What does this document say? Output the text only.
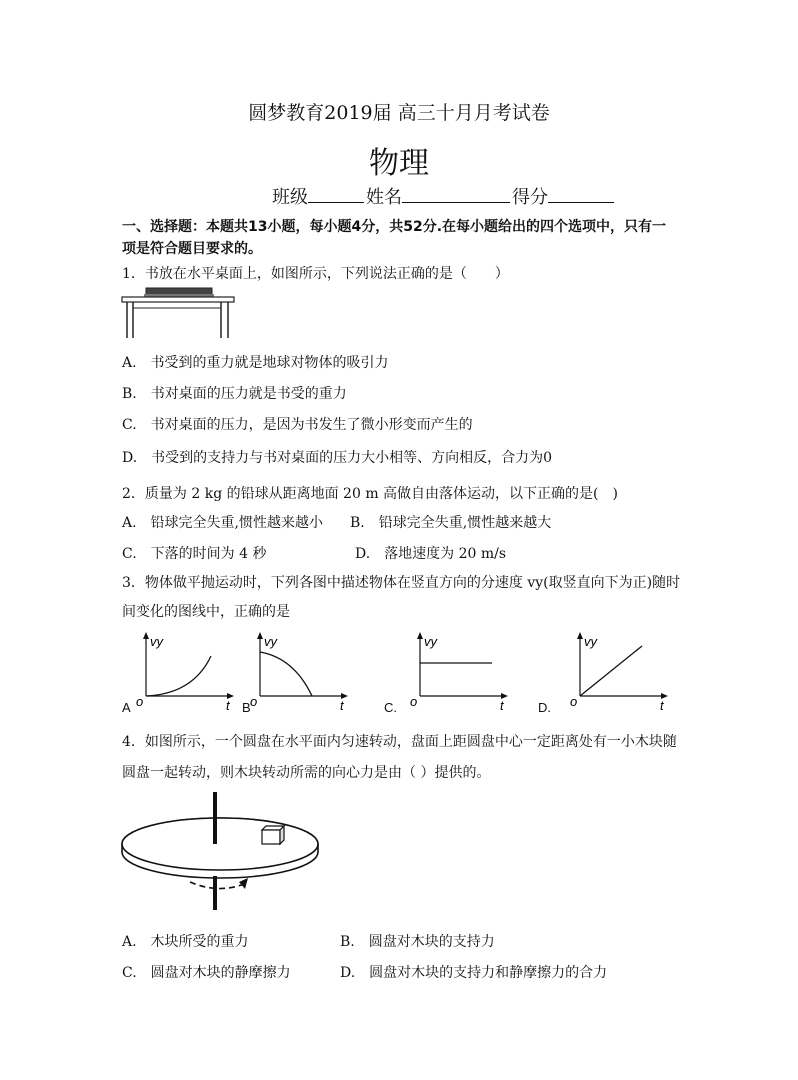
圆梦教育2019届 高三十月月考试卷
物理
班级	姓名	得分
一、选择题：本题共13小题，每小题4分，共52分.在每小题给出的四个选项中，只有一
项是符合题目要求的。
1．书放在水平桌面上，如图所示，下列说法正确的是（　　）
A.　书受到的重力就是地球对物体的吸引力
B.　书对桌面的压力就是书受的重力
C.　书对桌面的压力，是因为书发生了微小形变而产生的
D.　书受到的支持力与书对桌面的压力大小相等、方向相反，合力为0
2．质量为 2 kg 的铅球从距离地面 20 m 高做自由落体运动，以下正确的是(　)
A.　铅球完全失重,惯性越来越小 B.　铅球完全失重,惯性越来越大
C.　下落的时间为 4 秒	D.　落地速度为 20 m/s
3．物体做平抛运动时，下列各图中描述物体在竖直方向的分速度 vy(取竖直向下为正)随时
间变化的图线中，正确的是
vy
t
o
A
vy
t
o
B
vy
t
o
C.
vy
t
o
D.
4．如图所示，一个圆盘在水平面内匀速转动，盘面上距圆盘中心一定距离处有一小木块随
圆盘一起转动，则木块转动所需的向心力是由（ ）提供的。
A.　木块所受的重力	B.　圆盘对木块的支持力
C.　圆盘对木块的静摩擦力	D.　圆盘对木块的支持力和静摩擦力的合力
